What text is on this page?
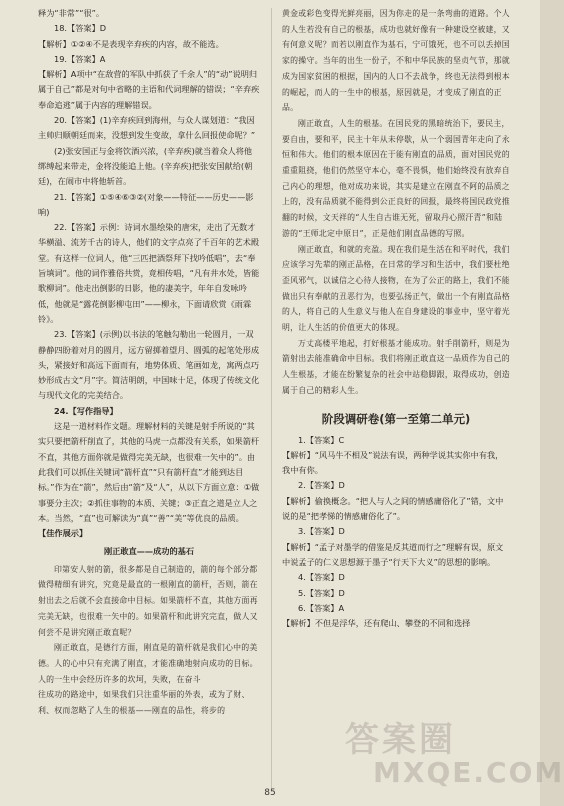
释为“非常”“很”。

18.【答案】D

【解析】①②④不是表现辛弃疾的内容，故不能选。

19.【答案】A

【解析】A项中“在敌营的军队中抓获了千余人”的“动”说明归属于自己”都是对句中省略的主语和代词理解的错误；“辛弃疾奉命追逃”属于内容的理解错误。

20.【答案】(1)辛弃疾回到海州，与众人谋划道：“我因主帅归顺朝廷而来，没想到发生变故，拿什么回报使命呢？”

(2)张安国正与金将饮酒兴浓，(辛弃疾)就当着众人将他绑缚起来带走，金将没能追上他。(辛弃疾)把张安国献给(朝廷)，在闹市中将他斩首。

21.【答案】①⑤④⑥③②(对象——特征——历史——影响)

22.【答案】示例：诗词水墨绘染的唐宋，走出了无数才华横溢、流芳千古的诗人，他们的文字点亮了千百年的艺术殿堂。有这样一位词人，他“三匹把酒祭拜下找吟低唱”，去“奉旨填词”。他的词作雅俗共赏，竟相传唱，“凡有井水处，皆能歌柳词”。他走出倒影的日影，他的凄美字，年年自发咏吟低，他就是“露花倒影柳屯田”——柳永，下面请欣赏《雨霖铃》。

23.【答案】(示例)以书法的笔触勾勒出一轮圆月，一双静静四盼着对月的圆月，远方留掷着望月、圆弧的起笔处形成头，紧接好和高远下面而有，地势体质、笔画如龙，寓两点巧妙形成古文“月”字。简洁明朗，中国味十足，体现了传统文化与现代文化的完美结合。

24.【写作指导】

这是一道材料作文题。理解材料的关键是射手所说的“其实只要把箭杆削直了，其他的马虎一点都没有关系，如果箭杆不直，其他方面你就是做得完美无缺，也很难一矢中的”。由此我们可以抓住关键词“箭杆直”“只有箭杆直”才能到达目标。”作为在“箭”，然后由“箭”及“人”，从以下方面立意：①做事要分主次；②抓住事物的本质、关键；③正直之道是立人之本。当然，“直”也可解读为“真”“善”“美”等优良的品质。

【佳作展示】

刚正敢直——成功的基石

印第安人射的箭，很多都是自己制造的，箭的每个部分都做得精细有讲究，究竟是最直的一根刚直的箭杆，否则，箭在射出去之后就不会直接命中目标。如果箭杆不直，其他方面再完美无缺，也很难一矢中的。如果箭杆和此讲究完直，做人又何尝不是讲究刚正敢直呢？

刚正敢直，是德行方面，刚直是的箭杆就是我们心中的美德。人的心中只有充满了刚直，才能准确地射向成功的目标。人的一生中会经历许多的坎坷，失败，在奋斗

往成功的路途中，如果我们只注重华丽的外表，或为了财、利、权而忽略了人生的根基——刚直的品性，将步的

黄金或彩色变得光鲜亮丽，因为你走的是一条弯曲的道路。个人的人生若没有自己的根基，成功也就好像有一种建设空被建，又有何意义呢？而若以刚直作为基石，宁可饿死，也不可以丢掉国家的操守。当年的出生一份子，不和中华民族的坚贞气节，那就成为国家贫困的根据，国内的人口不去战争，终也无法得到根本的崛起，而人的一生中的根基，原因就是，才变成了刚直的正品。

刚正敢直，人生的根基。在国民党的黑暗统治下，要民主，要自由，要和平，民主十年从未停歇，从一个弱国青年走向了永恒和伟大。他们的根本原因在于能有刚直的品质，面对国民党的重重阻挠，他们仍然坚守本心，毫不畏惧，他们始终没有放弃自己内心的理想，他对成功来说，其实是建立在刚直不阿的品质之上的，没有品质就不能得到公正良好的回报，最终将国民政党推翻的时候，文天祥的“人生自古谁无死，留取丹心照汗青”和陆游的“王师北定中原日”，正是他们刚直品德的写照。

刚正敢直，和就的充盈。现在我们是生活在和平时代，我们应该学习先辈的刚正品格，在日常的学习和生活中，我们要杜绝歪风邪气，以诚信之心待人接物，在为了公正的路上，我们不能做出只有奉献的丑恶行为，也要弘扬正气，做出一个有刚直品格的人，将自己的人生意义与他人在自身建设的事业中，坚守着光明，让人生活的价值更大的体现。

万丈高楼平地起，打好根基才能成功。射手削箭杆，则是为箭射出去能准确命中目标。我们将刚正敢直这一品质作为自己的人生根基，才能在纷繁复杂的社会中站稳脚跟，取得成功，创造属于自己的精彩人生。

阶段调研卷(第一至第二单元)

1.【答案】C

【解析】“风马牛不相及”说法有误，两种学说其实你中有我，我中有你。

2.【答案】D

【解析】偷换概念。“把人与人之间的情感庸俗化了”错，文中说的是“把孝悌的情感庸俗化了”。

3.【答案】D

【解析】“孟子对墨学的借鉴是反其道而行之”理解有误，原文中说孟子的仁义思想源于墨子“行天下大义”的思想的影响。

4.【答案】D

5.【答案】D

6.【答案】A

【解析】不但是浮华，还有爬山、攀登的不同和选择

答案圈
MXQE.COM
85
